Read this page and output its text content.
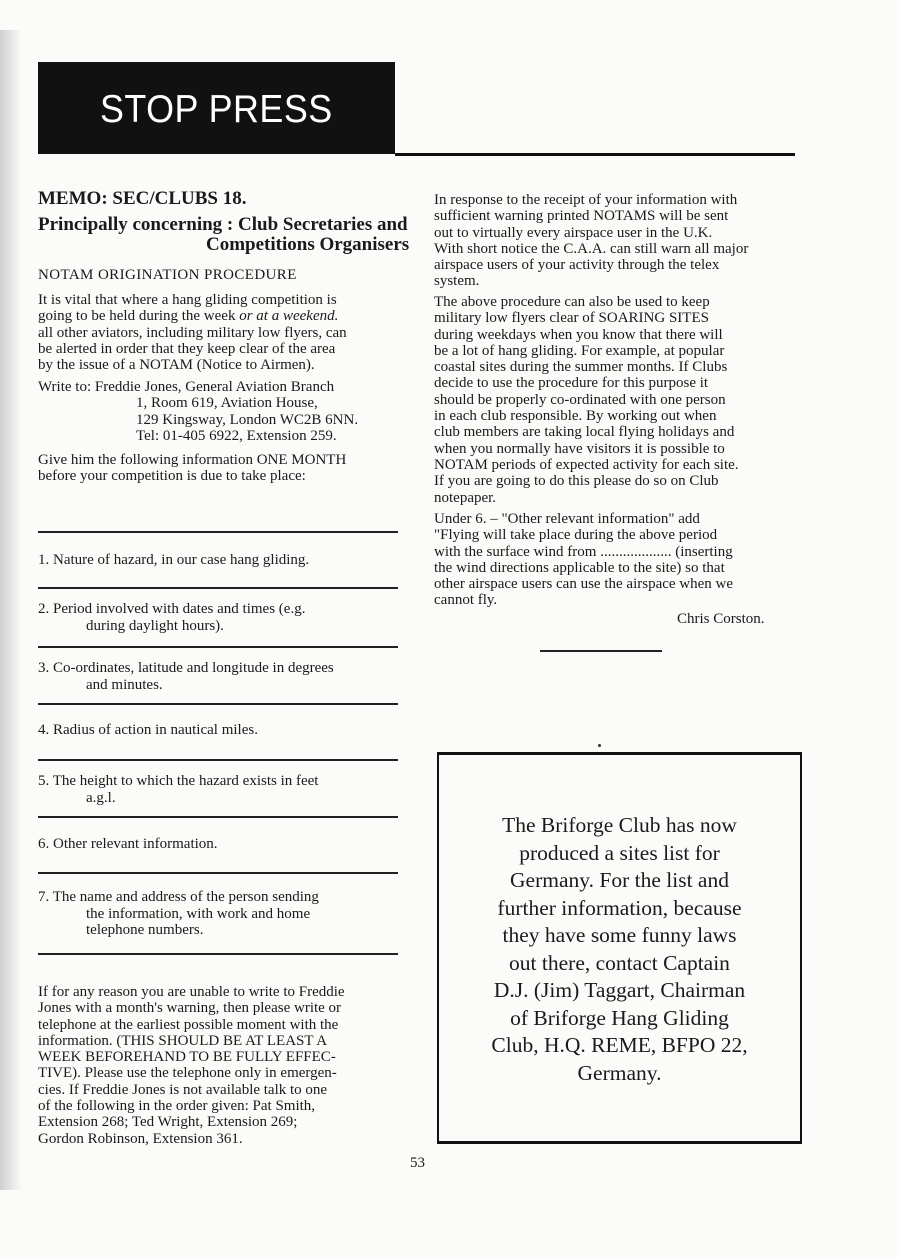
STOP PRESS

MEMO: SEC/CLUBS 18.

Principally concerning : Club Secretaries and

Competitions Organisers

NOTAM ORIGINATION PROCEDURE

It is vital that where a hang gliding competition is
going to be held during the week or at a weekend.
all other aviators, including military low flyers, can
be alerted in order that they keep clear of the area
by the issue of a NOTAM (Notice to Airmen).
Write to: Freddie Jones, General Aviation Branch
1, Room 619, Aviation House,
129 Kingsway, London WC2B 6NN.
Tel: 01-405 6922, Extension 259.
Give him the following information ONE MONTH
before your competition is due to take place:
1. Nature of hazard, in our case hang gliding.
2. Period involved with dates and times (e.g.
during daylight hours).
3. Co-ordinates, latitude and longitude in degrees
and minutes.
4. Radius of action in nautical miles.
5. The height to which the hazard exists in feet
a.g.l.
6. Other relevant information.
7. The name and address of the person sending
the information, with work and home
telephone numbers.
If for any reason you are unable to write to Freddie
Jones with a month's warning, then please write or
telephone at the earliest possible moment with the
information. (THIS SHOULD BE AT LEAST A
WEEK BEFOREHAND TO BE FULLY EFFEC-
TIVE). Please use the telephone only in emergen-
cies. If Freddie Jones is not available talk to one
of the following in the order given: Pat Smith,
Extension 268; Ted Wright, Extension 269;
Gordon Robinson, Extension 361.
In response to the receipt of your information with
sufficient warning printed NOTAMS will be sent
out to virtually every airspace user in the U.K.
With short notice the C.A.A. can still warn all major
airspace users of your activity through the telex
system.
The above procedure can also be used to keep
military low flyers clear of SOARING SITES
during weekdays when you know that there will
be a lot of hang gliding. For example, at popular
coastal sites during the summer months. If Clubs
decide to use the procedure for this purpose it
should be properly co-ordinated with one person
in each club responsible. By working out when
club members are taking local flying holidays and
when you normally have visitors it is possible to
NOTAM periods of expected activity for each site.
If you are going to do this please do so on Club
notepaper.
Under 6. – "Other relevant information" add
"Flying will take place during the above period
with the surface wind from ................... (inserting
the wind directions applicable to the site) so that
other airspace users can use the airspace when we
cannot fly.

Chris Corston.

The Briforge Club has now
produced a sites list for
Germany. For the list and
further information, because
they have some funny laws
out there, contact Captain
D.J. (Jim) Taggart, Chairman
of Briforge Hang Gliding
Club, H.Q. REME, BFPO 22,
Germany.

53
